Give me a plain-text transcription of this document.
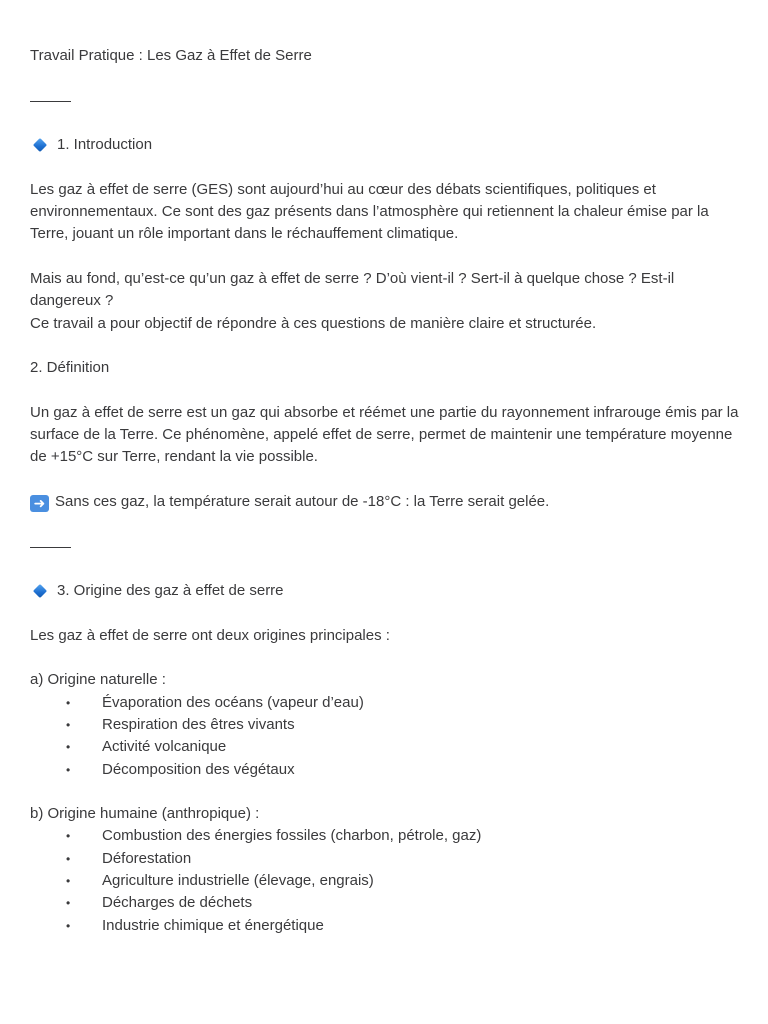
Travail Pratique : Les Gaz à Effet de Serre
1. Introduction
Les gaz à effet de serre (GES) sont aujourd’hui au cœur des débats scientifiques, politiques et environnementaux. Ce sont des gaz présents dans l’atmosphère qui retiennent la chaleur émise par la Terre, jouant un rôle important dans le réchauffement climatique.
Mais au fond, qu’est-ce qu’un gaz à effet de serre ? D’où vient-il ? Sert-il à quelque chose ? Est-il dangereux ?
Ce travail a pour objectif de répondre à ces questions de manière claire et structurée.
2. Définition
Un gaz à effet de serre est un gaz qui absorbe et réémet une partie du rayonnement infrarouge émis par la surface de la Terre. Ce phénomène, appelé effet de serre, permet de maintenir une température moyenne de +15°C sur Terre, rendant la vie possible.
➜ Sans ces gaz, la température serait autour de -18°C : la Terre serait gelée.
3. Origine des gaz à effet de serre
Les gaz à effet de serre ont deux origines principales :
a) Origine naturelle :
• Évaporation des océans (vapeur d’eau)
• Respiration des êtres vivants
• Activité volcanique
• Décomposition des végétaux
b) Origine humaine (anthropique) :
• Combustion des énergies fossiles (charbon, pétrole, gaz)
• Déforestation
• Agriculture industrielle (élevage, engrais)
• Décharges de déchets
• Industrie chimique et énergétique
